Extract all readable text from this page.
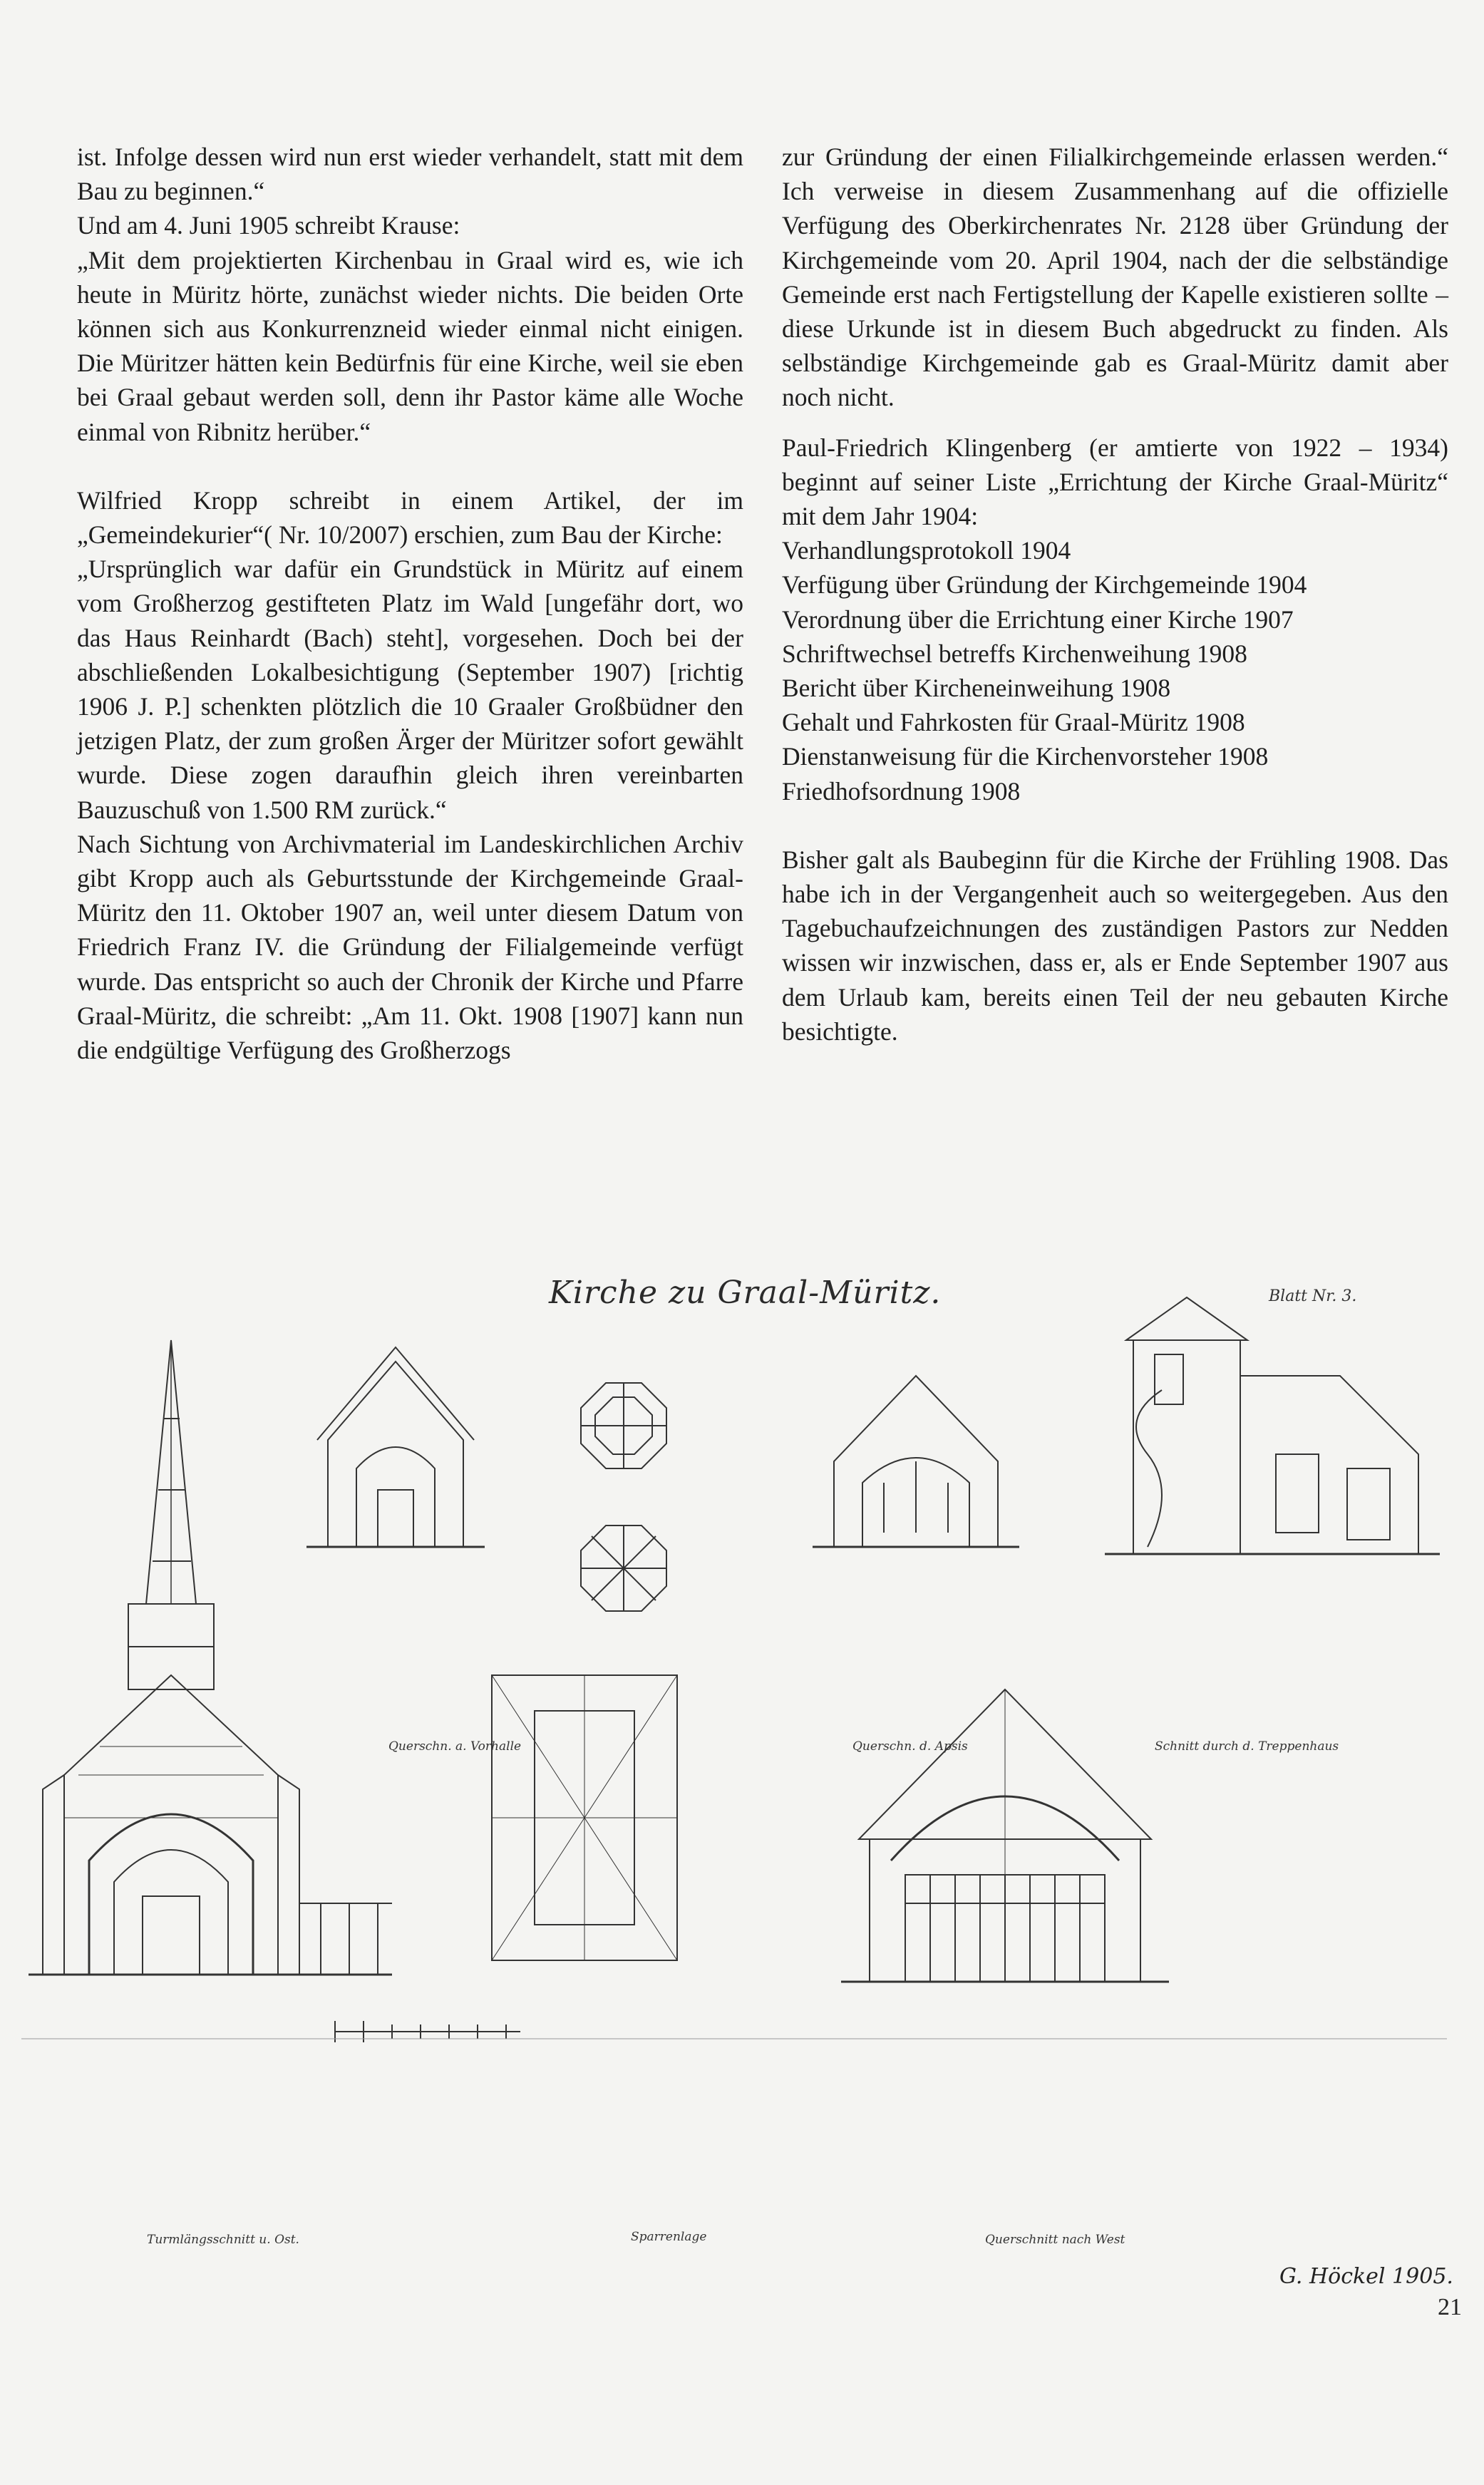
ist. Infolge dessen wird nun erst wieder verhandelt, statt mit dem Bau zu beginnen.“

Und am 4. Juni 1905 schreibt Krause:

„Mit dem projektierten Kirchenbau in Graal wird es, wie ich heute in Müritz hörte, zunächst wieder nichts. Die beiden Orte können sich aus Konkurrenzneid wieder einmal nicht einigen. Die Müritzer hätten kein Bedürfnis für eine Kirche, weil sie eben bei Graal gebaut werden soll, denn ihr Pastor käme alle Woche einmal von Ribnitz herüber.“

Wilfried Kropp schreibt in einem Artikel, der im „Gemeindekurier“( Nr. 10/2007) erschien, zum Bau der Kirche:

„Ursprünglich war dafür ein Grundstück in Müritz auf einem vom Großherzog gestifteten Platz im Wald [ungefähr dort, wo das Haus Reinhardt (Bach) steht], vorgesehen. Doch bei der abschließenden Lokalbesichtigung (September 1907) [richtig 1906 J. P.] schenkten plötzlich die 10 Graaler Großbüdner den jetzigen Platz, der zum großen Ärger der Müritzer sofort gewählt wurde. Diese zogen daraufhin gleich ihren vereinbarten Bauzuschuß von 1.500 RM zurück.“

Nach Sichtung von Archivmaterial im Landeskirchlichen Archiv gibt Kropp auch als Geburtsstunde der Kirchgemeinde Graal-Müritz den 11. Oktober 1907 an, weil unter diesem Datum von Friedrich Franz IV. die Gründung der Filialgemeinde verfügt wurde. Das entspricht so auch der Chronik der Kirche und Pfarre Graal-Müritz, die schreibt: „Am 11. Okt. 1908 [1907] kann nun die endgültige Verfügung des Großherzogs

zur Gründung der einen Filialkirchgemeinde erlassen werden.“ Ich verweise in diesem Zusammenhang auf die offizielle Verfügung des Oberkirchenrates Nr. 2128 über Gründung der Kirchgemeinde vom 20. April 1904, nach der die selbständige Gemeinde erst nach Fertigstellung der Kapelle existieren sollte – diese Urkunde ist in diesem Buch abgedruckt zu finden. Als selbständige Kirchgemeinde gab es Graal-Müritz damit aber noch nicht.

Paul-Friedrich Klingenberg (er amtierte von 1922 – 1934) beginnt auf seiner Liste „Errichtung der Kirche Graal-Müritz“ mit dem Jahr 1904:

Verhandlungsprotokoll 1904
Verfügung über Gründung der Kirchgemeinde 1904
Verordnung über die Errichtung einer Kirche 1907
Schriftwechsel betreffs Kirchenweihung 1908
Bericht über Kircheneinweihung 1908
Gehalt und Fahrkosten für Graal-Müritz 1908
Dienstanweisung für die Kirchenvorsteher 1908
Friedhofsordnung 1908

Bisher galt als Baubeginn für die Kirche der Frühling 1908. Das habe ich in der Vergangenheit auch so weitergegeben. Aus den Tagebuchaufzeichnungen des zuständigen Pastors zur Nedden wissen wir inzwischen, dass er, als er Ende September 1907 aus dem Urlaub kam, bereits einen Teil der neu gebauten Kirche besichtigte.

Kirche zu Graal-Müritz.	Blatt Nr. 3.
Querschn. a. Vorhalle	Querschn. d. Apsis	Schnitt durch d. Treppenhaus
Turmlängsschnitt u. Ost.	Sparrenlage	Querschnitt nach West
G. Höckel 1905.
21
